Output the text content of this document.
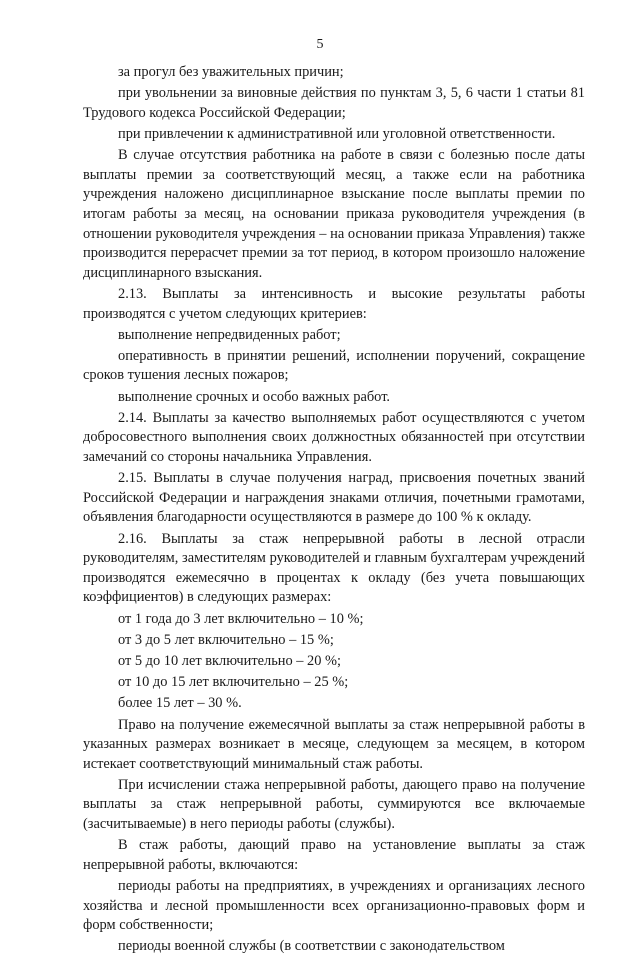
5

за прогул без уважительных причин;

при увольнении за виновные действия по пунктам 3, 5, 6 части 1 статьи 81 Трудового кодекса Российской Федерации;

при привлечении к административной или уголовной ответственности.

В случае отсутствия работника на работе в связи с болезнью после даты выплаты премии за соответствующий месяц, а также если на работника учреждения наложено дисциплинарное взыскание после выплаты премии по итогам работы за месяц, на основании приказа руководителя учреждения (в отношении руководителя учреждения – на основании приказа Управления) также производится перерасчет премии за тот период, в котором произошло наложение дисциплинарного взыскания.

2.13. Выплаты за интенсивность и высокие результаты работы производятся с учетом следующих критериев:

выполнение непредвиденных работ;

оперативность в принятии решений, исполнении поручений, сокращение сроков тушения лесных пожаров;

выполнение срочных и особо важных работ.

2.14. Выплаты за качество выполняемых работ осуществляются с учетом добросовестного выполнения своих должностных обязанностей при отсутствии замечаний со стороны начальника Управления.

2.15. Выплаты в случае получения наград, присвоения почетных званий Российской Федерации и награждения знаками отличия, почетными грамотами, объявления благодарности осуществляются в размере до 100 % к окладу.

2.16. Выплаты за стаж непрерывной работы в лесной отрасли руководителям, заместителям руководителей и главным бухгалтерам учреждений производятся ежемесячно в процентах к окладу (без учета повышающих коэффициентов) в следующих размерах:

от 1 года до 3 лет включительно – 10 %;

от 3 до 5 лет включительно – 15 %;

от 5 до 10 лет включительно – 20 %;

от 10 до 15 лет включительно – 25 %;

более 15 лет – 30 %.

Право на получение ежемесячной выплаты за стаж непрерывной работы в указанных размерах возникает в месяце, следующем за месяцем, в котором истекает соответствующий минимальный стаж работы.

При исчислении стажа непрерывной работы, дающего право на получение выплаты за стаж непрерывной работы, суммируются все включаемые (засчитываемые) в него периоды работы (службы).

В стаж работы, дающий право на установление выплаты за стаж непрерывной работы, включаются:

периоды работы на предприятиях, в учреждениях и организациях лесного хозяйства и лесной промышленности всех организационно-правовых форм и форм собственности;

периоды военной службы (в соответствии с законодательством
